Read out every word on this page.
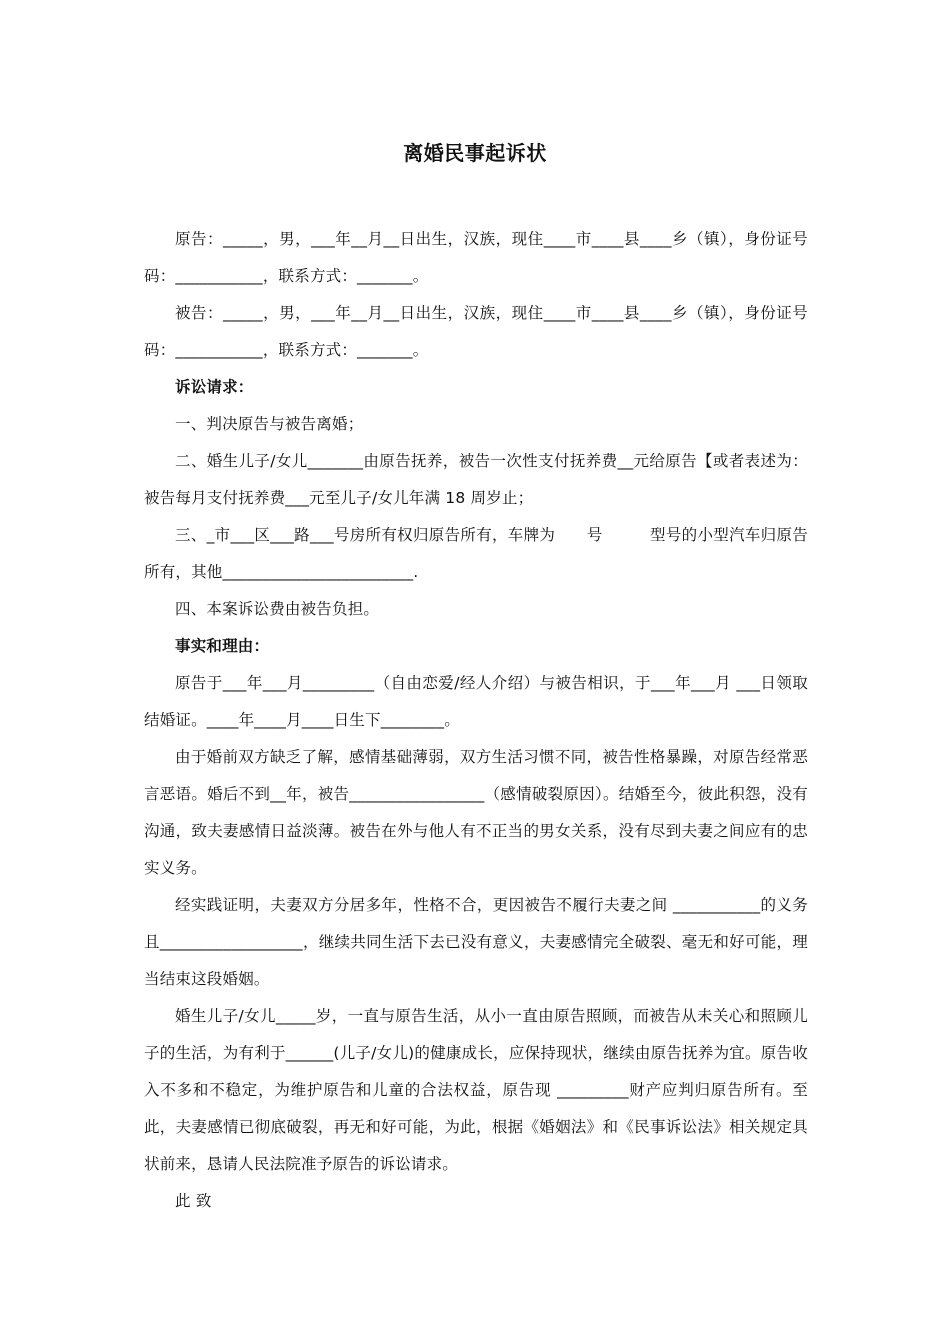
离婚民事起诉状

原告：_____，男，___年__月__日出生，汉族，现住____市____县____乡（镇），身份证号码：___________，联系方式：_______。

被告：_____，男，___年__月__日出生，汉族，现住____市____县____乡（镇），身份证号码：___________，联系方式：_______。

诉讼请求：

一、判决原告与被告离婚；

二、婚生儿子/女儿_______由原告抚养，被告一次性支付抚养费__元给原告【或者表述为：被告每月支付抚养费___元至儿子/女儿年满 18 周岁止；

三、_市___区___路___号房所有权归原告所有，车牌为　　号　　　型号的小型汽车归原告所有，其他________________________.

四、本案诉讼费由被告负担。

事实和理由：

原告于___年___月_________（自由恋爱/经人介绍）与被告相识，于___年___月 ___日领取结婚证。____年____月____日生下________。

由于婚前双方缺乏了解，感情基础薄弱，双方生活习惯不同，被告性格暴躁，对原告经常恶言恶语。婚后不到__年，被告_________________（感情破裂原因）。结婚至今，彼此积怨，没有沟通，致夫妻感情日益淡薄。被告在外与他人有不正当的男女关系，没有尽到夫妻之间应有的忠实义务。

经实践证明，夫妻双方分居多年，性格不合，更因被告不履行夫妻之间 ___________的义务且__________________，继续共同生活下去已没有意义，夫妻感情完全破裂、毫无和好可能，理当结束这段婚姻。

婚生儿子/女儿_____岁，一直与原告生活，从小一直由原告照顾，而被告从未关心和照顾儿子的生活，为有利于______(儿子/女儿)的健康成长，应保持现状，继续由原告抚养为宜。原告收入不多和不稳定，为维护原告和儿童的合法权益，原告现 _________财产应判归原告所有。至此，夫妻感情已彻底破裂，再无和好可能，为此，根据《婚姻法》和《民事诉讼法》相关规定具状前来，恳请人民法院准予原告的诉讼请求。

此 致
